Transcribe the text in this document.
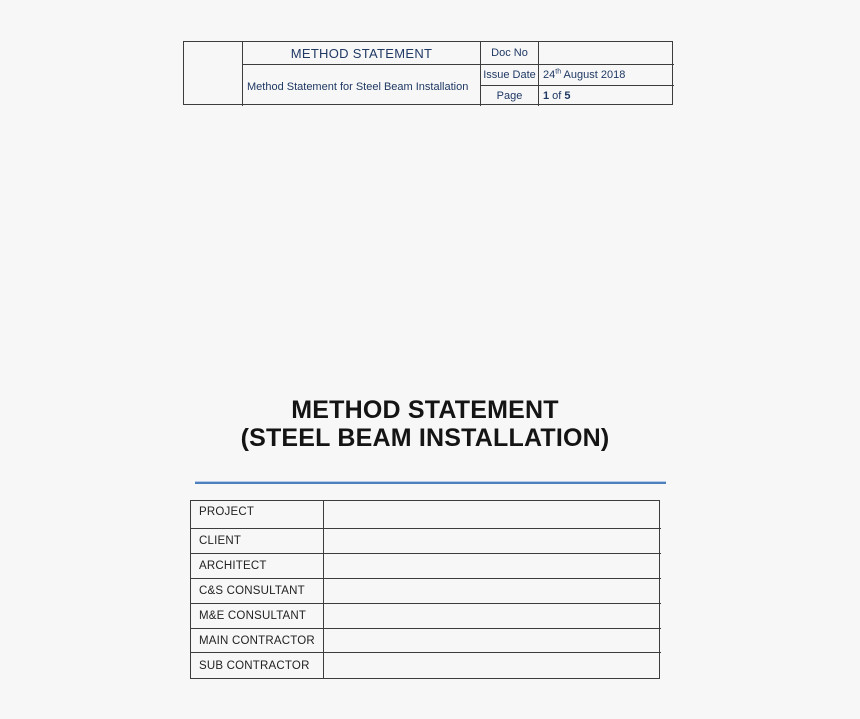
METHOD STATEMENT
Method Statement for Steel Beam Installation
Doc No
Issue Date 24th August 2018
Page	1 of 5
METHOD STATEMENT
(STEEL BEAM INSTALLATION)
PROJECT
CLIENT
ARCHITECT
C&S CONSULTANT
M&E CONSULTANT
MAIN CONTRACTOR
SUB CONTRACTOR
